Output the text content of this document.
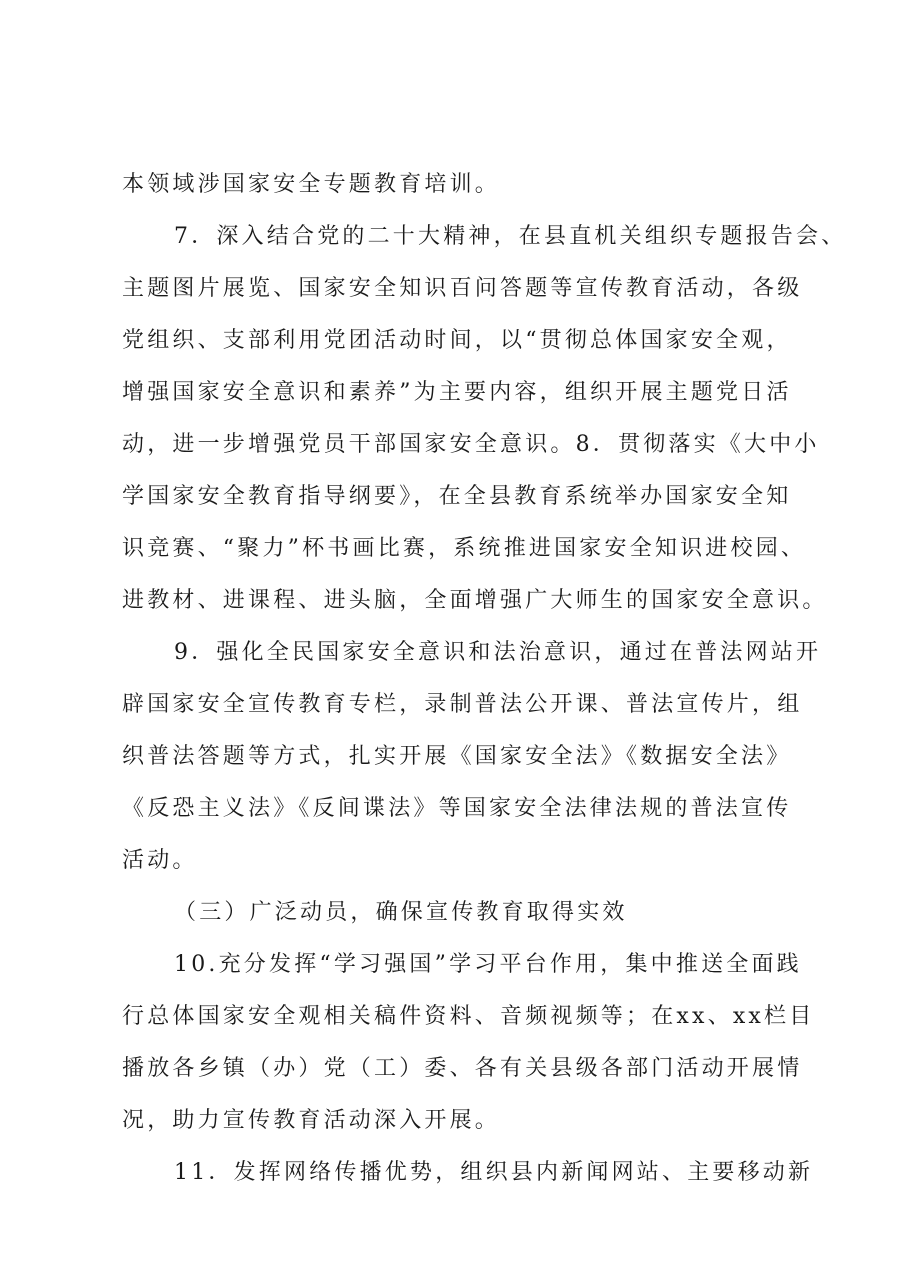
本领域涉国家安全专题教育培训。
7．深入结合党的二十大精神，在县直机关组织专题报告会、
主题图片展览、国家安全知识百问答题等宣传教育活动，各级
党组织、支部利用党团活动时间，以“贯彻总体国家安全观，
增强国家安全意识和素养”为主要内容，组织开展主题党日活
动，进一步增强党员干部国家安全意识。8．贯彻落实《大中小
学国家安全教育指导纲要》，在全县教育系统举办国家安全知
识竞赛、“聚力”杯书画比赛，系统推进国家安全知识进校园、
进教材、进课程、进头脑，全面增强广大师生的国家安全意识。
9．强化全民国家安全意识和法治意识，通过在普法网站开
辟国家安全宣传教育专栏，录制普法公开课、普法宣传片，组
织普法答题等方式，扎实开展《国家安全法》《数据安全法》
《反恐主义法》《反间谍法》等国家安全法律法规的普法宣传
活动。
（三）广泛动员，确保宣传教育取得实效
10.充分发挥“学习强国”学习平台作用，集中推送全面践
行总体国家安全观相关稿件资料、音频视频等；在xx、xx栏目
播放各乡镇（办）党（工）委、各有关县级各部门活动开展情
况，助力宣传教育活动深入开展。
11．发挥网络传播优势，组织县内新闻网站、主要移动新
